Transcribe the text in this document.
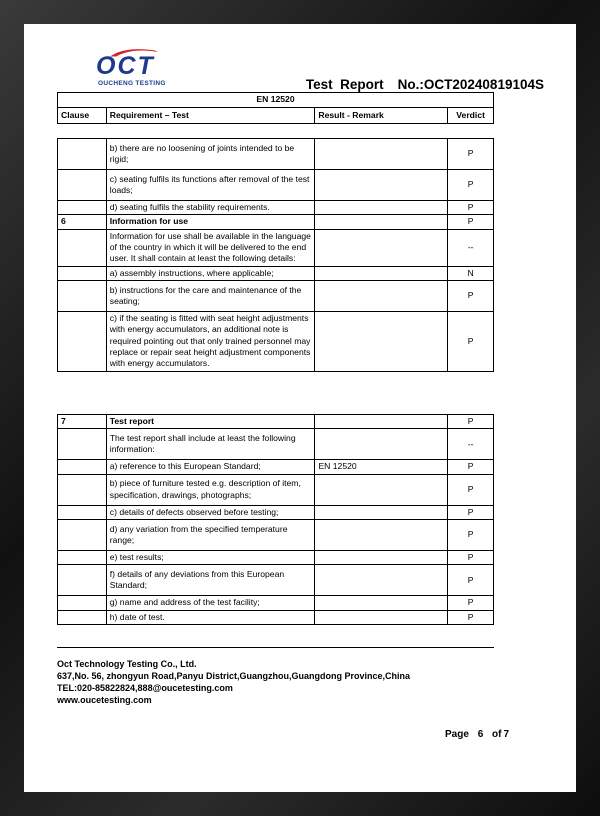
OCT
OUCHENG TESTING	Test  Report No.:OCT20240819104S
EN 12520			
Clause	Requirement – Test	Result - Remark	Verdict

	b) there are no loosening of joints intended to be rigid;		P
	c) seating fulfils its functions after removal of the test loads;		P
	d) seating fulfils the stability requirements.		P
6	Information for use		P
	Information for use shall be available in the language of the country in which it will be delivered to the end user. It shall contain at least the following details:		--
	a) assembly instructions, where applicable;		N
	b) instructions for the care and maintenance of the seating;		P
	c) if the seating is fitted with seat height adjustments with energy accumulators, an additional note is required pointing out that only trained personnel may replace or repair seat height adjustment components with energy accumulators.		P
7	Test report		P
	The test report shall include at least the following information:		--
	a) reference to this European Standard;	EN 12520	P
	b) piece of furniture tested e.g. description of item, specification, drawings, photographs;		P
	c) details of defects observed before testing;		P
	d) any variation from the specified temperature range;		P
	e) test results;		P
	f) details of any deviations from this European Standard;		P
	g) name and address of the test facility;		P
	h) date of test.		P
Oct Technology Testing Co., Ltd.
637,No. 56, zhongyun Road,Panyu District,Guangzhou,Guangdong Province,China
TEL:020-85822824,888@oucetesting.com
www.oucetesting.com
Page 6 of 7
